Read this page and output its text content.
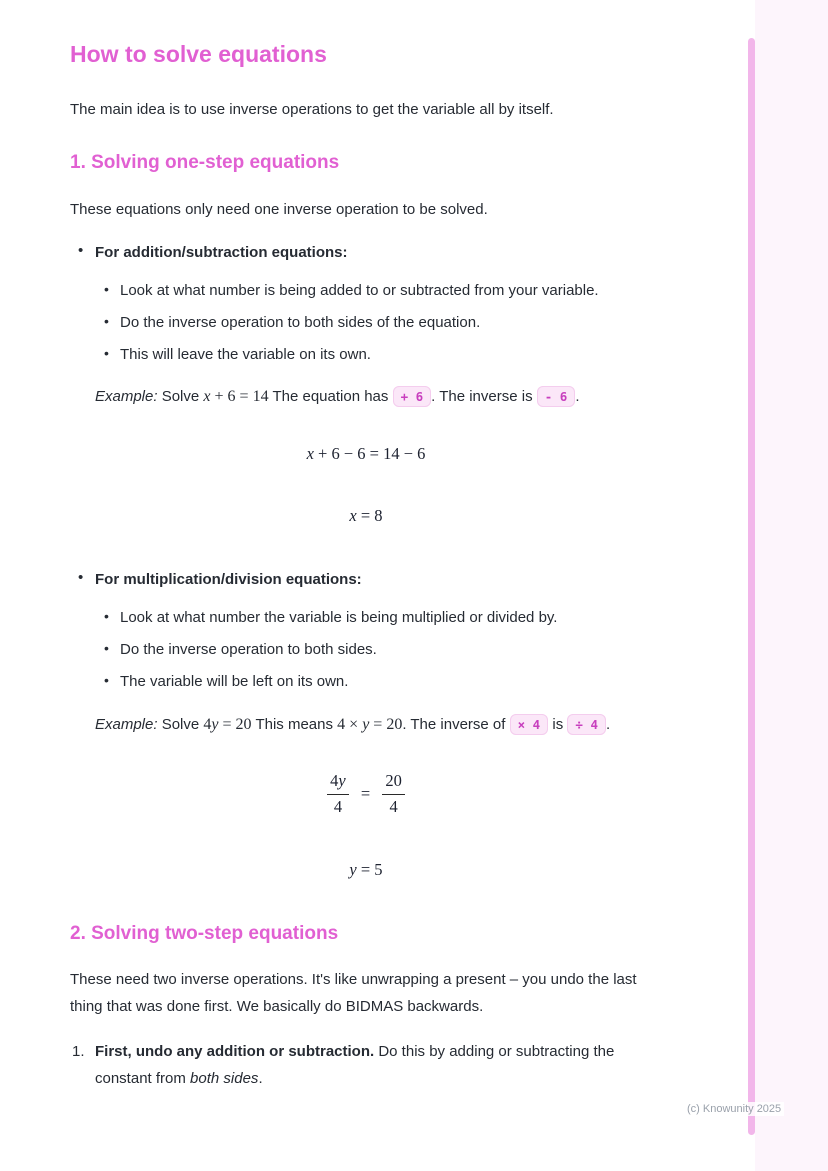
How to solve equations

The main idea is to use inverse operations to get the variable all by itself.

1. Solving one-step equations

These equations only need one inverse operation to be solved.

• For addition/subtraction equations:
• Look at what number is being added to or subtracted from your variable.
• Do the inverse operation to both sides of the equation.
• This will leave the variable on its own.

Example: Solve x + 6 = 14 The equation has + 6 . The inverse is - 6 .

x + 6 − 6 = 14 − 6
x = 8
• For multiplication/division equations:
• Look at what number the variable is being multiplied or divided by.
• Do the inverse operation to both sides.
• The variable will be left on its own.

Example: Solve 4y = 20 This means 4 × y = 20. The inverse of × 4 is ÷ 4 .

$\frac{4y}{4} = \frac{20}{4}$
y = 5
2. Solving two-step equations

These need two inverse operations. It's like unwrapping a present – you undo the last thing that was done first. We basically do BIDMAS backwards.

1. First, undo any addition or subtraction. Do this by adding or subtracting the constant from both sides.
(c) Knowunity 2025
